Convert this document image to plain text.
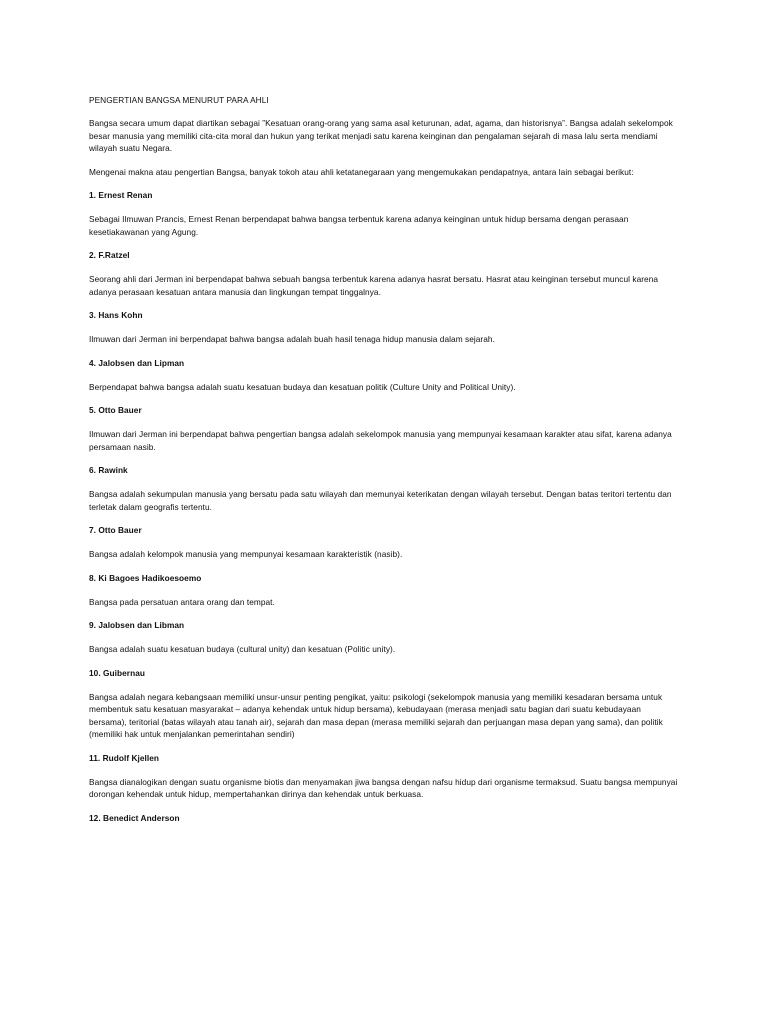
PENGERTIAN BANGSA MENURUT PARA AHLI
Bangsa secara umum dapat diartikan sebagai ”Kesatuan orang-orang yang sama asal keturunan, adat, agama, dan historisnya”. Bangsa adalah sekelompok besar manusia yang memiliki cita-cita moral dan hukun yang terikat menjadi satu karena keinginan dan pengalaman sejarah di masa lalu serta mendiami wilayah suatu Negara.
Mengenai makna atau pengertian Bangsa, banyak tokoh atau ahli ketatanegaraan yang mengemukakan pendapatnya, antara lain sebagai berikut:
1. Ernest Renan
Sebagai Ilmuwan Prancis, Ernest Renan berpendapat bahwa bangsa terbentuk karena adanya keinginan untuk hidup bersama dengan perasaan kesetiakawanan yang Agung.
2. F.Ratzel
Seorang ahli dari Jerman ini berpendapat bahwa sebuah bangsa terbentuk karena adanya hasrat bersatu. Hasrat atau keinginan tersebut muncul karena adanya perasaan kesatuan antara manusia dan lingkungan tempat tinggalnya.
3. Hans Kohn
Ilmuwan dari Jerman ini berpendapat bahwa bangsa adalah buah hasil tenaga hidup manusia dalam sejarah.
4. Jalobsen dan Lipman
Berpendapat bahwa bangsa adalah suatu kesatuan budaya dan kesatuan politik (Culture Unity and Political Unity).
5. Otto Bauer
Ilmuwan dari Jerman ini berpendapat bahwa pengertian bangsa adalah sekelompok manusia yang mempunyai kesamaan karakter atau sifat, karena adanya persamaan nasib.
6. Rawink
Bangsa adalah sekumpulan manusia yang bersatu pada satu wilayah dan memunyai keterikatan dengan wilayah tersebut. Dengan batas teritori tertentu dan terletak dalam geografis tertentu.
7. Otto Bauer
Bangsa adalah kelompok manusia yang mempunyai kesamaan karakteristik (nasib).
8. Ki Bagoes Hadikoesoemo
Bangsa pada persatuan antara orang dan tempat.
9. Jalobsen dan Libman
Bangsa adalah suatu kesatuan budaya (cultural unity) dan kesatuan (Politic unity).
10. Guibernau
Bangsa adalah negara kebangsaan memiliki unsur-unsur penting pengikat, yaitu: psikologi (sekelompok manusia yang memiliki kesadaran bersama untuk membentuk satu kesatuan masyarakat – adanya kehendak untuk hidup bersama), kebudayaan (merasa menjadi satu bagian dari suatu kebudayaan bersama), teritorial (batas wilayah atau tanah air), sejarah dan masa depan (merasa memiliki sejarah dan perjuangan masa depan yang sama), dan politik (memiliki hak untuk menjalankan pemerintahan sendiri)
11. Rudolf Kjellen
Bangsa dianalogikan dengan suatu organisme biotis dan menyamakan jiwa bangsa dengan nafsu hidup dari organisme termaksud. Suatu bangsa mempunyai dorongan kehendak untuk hidup, mempertahankan dirinya dan kehendak untuk berkuasa.
12. Benedict Anderson
